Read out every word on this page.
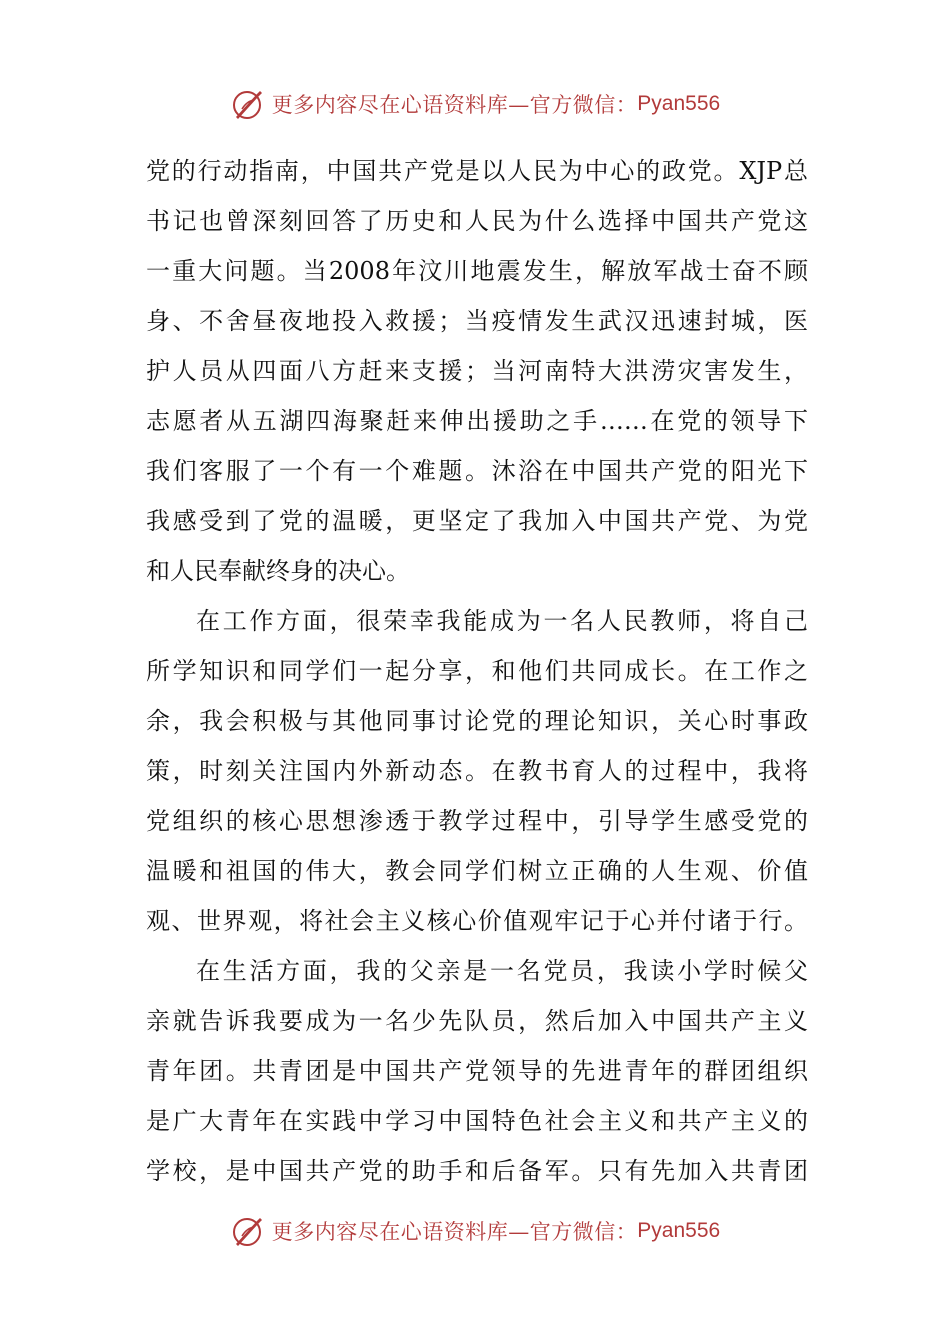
更多内容尽在心语资料库—官方微信： Pyan556
党的行动指南，中国共产党是以人民为中心的政党。XJP总
书记也曾深刻回答了历史和人民为什么选择中国共产党这
一重大问题。当2008年汶川地震发生，解放军战士奋不顾
身、不舍昼夜地投入救援；当疫情发生武汉迅速封城，医
护人员从四面八方赶来支援；当河南特大洪涝灾害发生，
志愿者从五湖四海聚赶来伸出援助之手……在党的领导下
我们客服了一个有一个难题。沐浴在中国共产党的阳光下
我感受到了党的温暖，更坚定了我加入中国共产党、为党
和人民奉献终身的决心。
在工作方面，很荣幸我能成为一名人民教师，将自己
所学知识和同学们一起分享，和他们共同成长。在工作之
余，我会积极与其他同事讨论党的理论知识，关心时事政
策，时刻关注国内外新动态。在教书育人的过程中，我将
党组织的核心思想渗透于教学过程中，引导学生感受党的
温暖和祖国的伟大，教会同学们树立正确的人生观、价值
观、世界观，将社会主义核心价值观牢记于心并付诸于行。
在生活方面，我的父亲是一名党员，我读小学时候父
亲就告诉我要成为一名少先队员，然后加入中国共产主义
青年团。共青团是中国共产党领导的先进青年的群团组织
是广大青年在实践中学习中国特色社会主义和共产主义的
学校，是中国共产党的助手和后备军。只有先加入共青团
更多内容尽在心语资料库—官方微信： Pyan556
